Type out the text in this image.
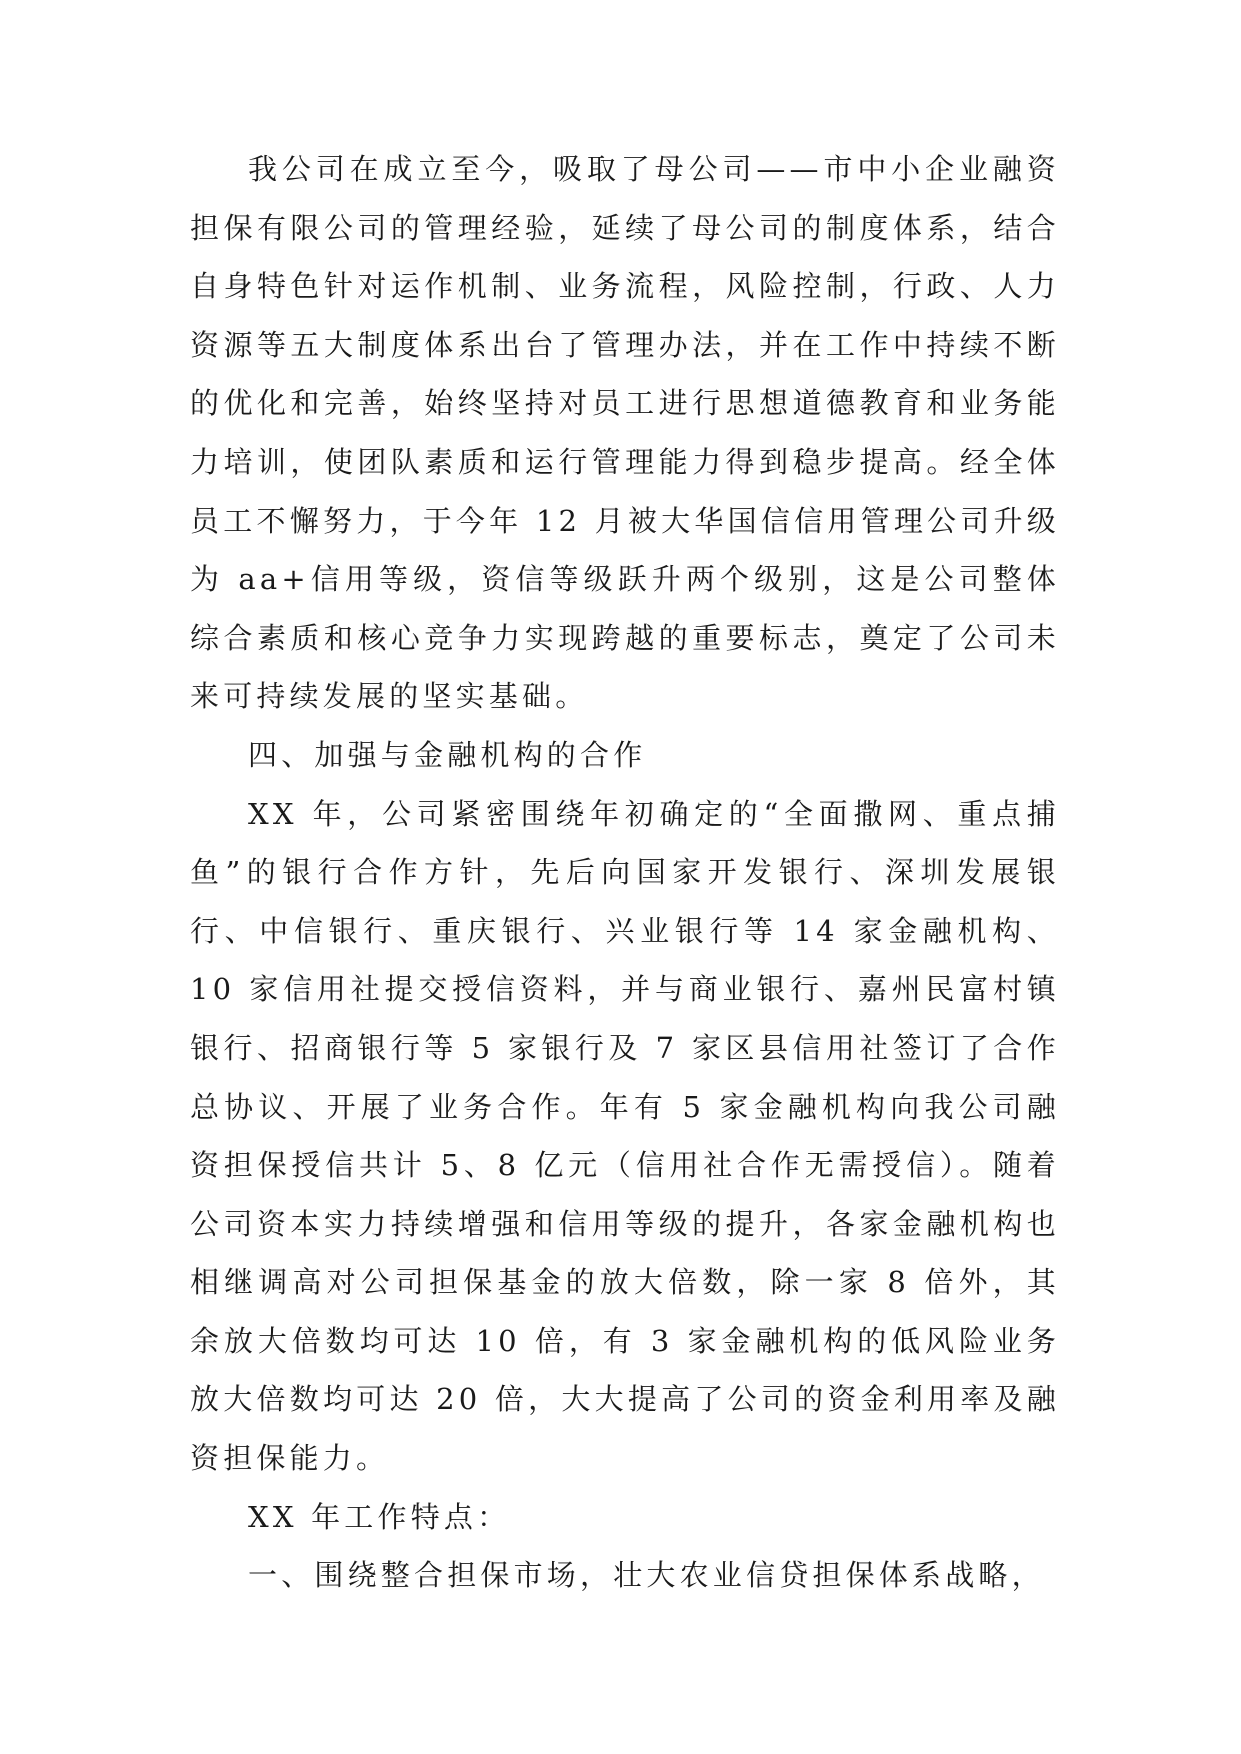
我公司在成立至今，吸取了母公司——市中小企业融资担保有限公司的管理经验，延续了母公司的制度体系，结合自身特色针对运作机制、业务流程，风险控制，行政、人力资源等五大制度体系出台了管理办法，并在工作中持续不断的优化和完善，始终坚持对员工进行思想道德教育和业务能力培训，使团队素质和运行管理能力得到稳步提高。经全体员工不懈努力，于今年 12 月被大华国信信用管理公司升级为 aa+信用等级，资信等级跃升两个级别，这是公司整体综合素质和核心竞争力实现跨越的重要标志，奠定了公司未来可持续发展的坚实基础。

四、加强与金融机构的合作

XX 年，公司紧密围绕年初确定的“全面撒网、重点捕鱼”的银行合作方针，先后向国家开发银行、深圳发展银行、中信银行、重庆银行、兴业银行等 14 家金融机构、10 家信用社提交授信资料，并与商业银行、嘉州民富村镇银行、招商银行等 5 家银行及 7 家区县信用社签订了合作总协议、开展了业务合作。年有 5 家金融机构向我公司融资担保授信共计 5、8 亿元（信用社合作无需授信）。随着公司资本实力持续增强和信用等级的提升，各家金融机构也相继调高对公司担保基金的放大倍数，除一家 8 倍外，其余放大倍数均可达 10 倍，有 3 家金融机构的低风险业务放大倍数均可达 20 倍，大大提高了公司的资金利用率及融资担保能力。

XX 年工作特点：

一、围绕整合担保市场，壮大农业信贷担保体系战略，
